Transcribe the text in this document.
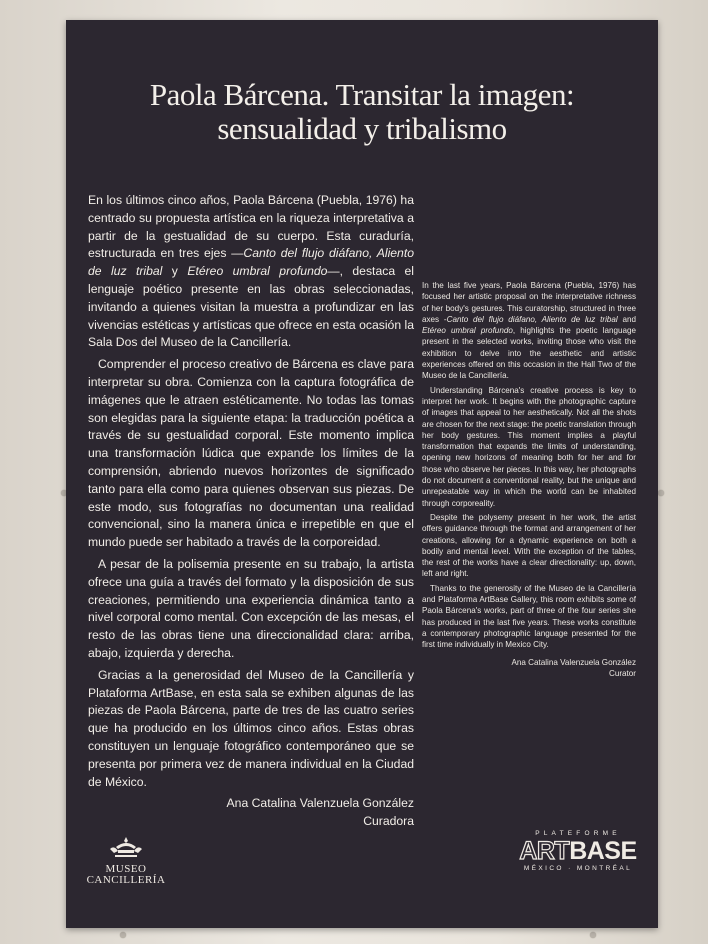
Paola Bárcena. Transitar la imagen:
sensualidad y tribalismo

En los últimos cinco años, Paola Bárcena (Puebla, 1976) ha centrado su propuesta artística en la riqueza interpretativa a partir de la gestualidad de su cuerpo. Esta curaduría, estructurada en tres ejes —Canto del flujo diáfano, Aliento de luz tribal y Etéreo umbral profundo—, destaca el lenguaje poético presente en las obras seleccionadas, invitando a quienes visitan la muestra a profundizar en las vivencias estéticas y artísticas que ofrece en esta ocasión la Sala Dos del Museo de la Cancillería.

Comprender el proceso creativo de Bárcena es clave para interpretar su obra. Comienza con la captura fotográfica de imágenes que le atraen estéticamente. No todas las tomas son elegidas para la siguiente etapa: la traducción poética a través de su gestualidad corporal. Este momento implica una transformación lúdica que expande los límites de la comprensión, abriendo nuevos horizontes de significado tanto para ella como para quienes observan sus piezas. De este modo, sus fotografías no documentan una realidad convencional, sino la manera única e irrepetible en que el mundo puede ser habitado a través de la corporeidad.

A pesar de la polisemia presente en su trabajo, la artista ofrece una guía a través del formato y la disposición de sus creaciones, permitiendo una experiencia dinámica tanto a nivel corporal como mental. Con excepción de las mesas, el resto de las obras tiene una direccionalidad clara: arriba, abajo, izquierda y derecha.

Gracias a la generosidad del Museo de la Cancillería y Plataforma ArtBase, en esta sala se exhiben algunas de las piezas de Paola Bárcena, parte de tres de las cuatro series que ha producido en los últimos cinco años. Estas obras constituyen un lenguaje fotográfico contemporáneo que se presenta por primera vez de manera individual en la Ciudad de México.

Ana Catalina Valenzuela González
Curadora

In the last five years, Paola Bárcena (Puebla, 1976) has focused her artistic proposal on the interpretative richness of her body's gestures. This curatorship, structured in three axes -Canto del flujo diáfano, Aliento de luz tribal and Etéreo umbral profundo, highlights the poetic language present in the selected works, inviting those who visit the exhibition to delve into the aesthetic and artistic experiences offered on this occasion in the Hall Two of the Museo de la Cancillería.

Understanding Bárcena's creative process is key to interpret her work. It begins with the photographic capture of images that appeal to her aesthetically. Not all the shots are chosen for the next stage: the poetic translation through her body gestures. This moment implies a playful transformation that expands the limits of understanding, opening new horizons of meaning both for her and for those who observe her pieces. In this way, her photographs do not document a conventional reality, but the unique and unrepeatable way in which the world can be inhabited through corporeality.

Despite the polysemy present in her work, the artist offers guidance through the format and arrangement of her creations, allowing for a dynamic experience on both a bodily and mental level. With the exception of the tables, the rest of the works have a clear directionality: up, down, left and right.

Thanks to the generosity of the Museo de la Cancillería and Plataforma ArtBase Gallery, this room exhibits some of Paola Bárcena's works, part of three of the four series she has produced in the last five years. These works constitute a contemporary photographic language presented for the first time individually in Mexico City.

Ana Catalina Valenzuela González
Curator
MUSEO
CANCILLERÍA
PLATEFORME
ARTBASE
MÉXICO · MONTRÉAL
